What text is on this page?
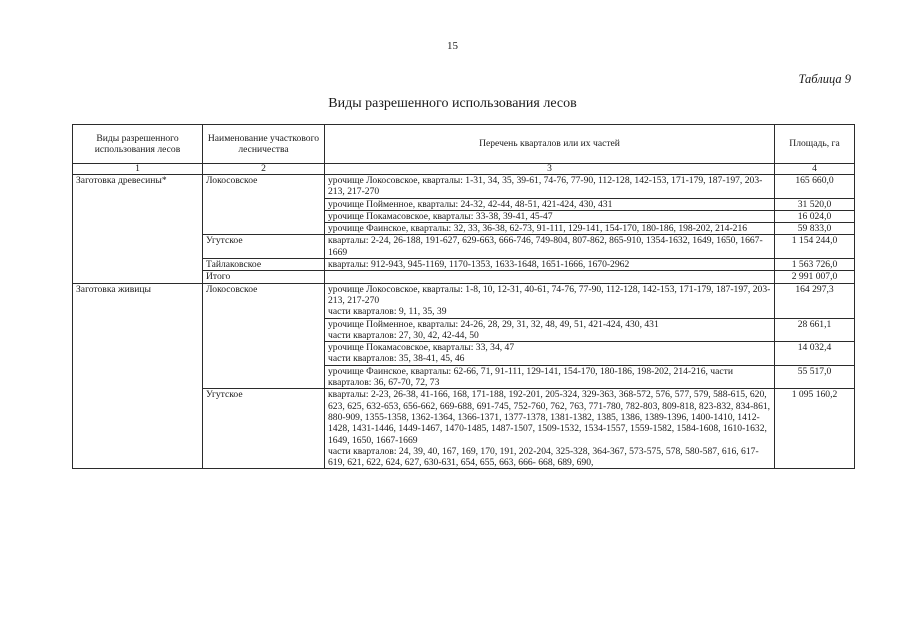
15
Таблица 9
Виды разрешенного использования лесов
Виды разрешенного использования лесов	Наименование участкового лесничества	Перечень кварталов или их частей	Площадь, га
1	2	3	4
Заготовка древесины*	Локосовское	урочище Локосовское, кварталы: 1-31, 34, 35, 39-61, 74-76, 77-90, 112-128, 142-153, 171-179, 187-197, 203-213, 217-270	165 660,0
		урочище Пойменное, кварталы: 24-32, 42-44, 48-51, 421-424, 430, 431	31 520,0
		урочище Покамасовское, кварталы: 33-38, 39-41, 45-47	16 024,0
		урочище Фаинское, кварталы: 32, 33, 36-38, 62-73, 91-111, 129-141, 154-170, 180-186, 198-202, 214-216	59 833,0
	Угутское	кварталы: 2-24, 26-188, 191-627, 629-663, 666-746, 749-804, 807-862, 865-910, 1354-1632, 1649, 1650, 1667-1669	1 154 244,0
	Тайлаковское	кварталы: 912-943, 945-1169, 1170-1353, 1633-1648, 1651-1666, 1670-2962	1 563 726,0
	Итого		2 991 007,0
Заготовка живицы	Локосовское	урочище Локосовское, кварталы: 1-8, 10, 12-31, 40-61, 74-76, 77-90, 112-128, 142-153, 171-179, 187-197, 203-213, 217-270
части кварталов: 9, 11, 35, 39	164 297,3

		урочище Пойменное, кварталы: 24-26, 28, 29, 31, 32, 48, 49, 51, 421-424, 430, 431
части кварталов: 27, 30, 42, 42-44, 50	28 661,1

		урочище Покамасовское, кварталы: 33, 34, 47
части кварталов: 35, 38-41, 45, 46	14 032,4

		урочище Фаинское, кварталы: 62-66, 71, 91-111, 129-141, 154-170, 180-186, 198-202, 214-216, части кварталов: 36, 67-70, 72, 73	55 517,0
	Угутское	кварталы: 2-23, 26-38, 41-166, 168, 171-188, 192-201, 205-324, 329-363, 368-572, 576, 577, 579, 588-615, 620, 623, 625, 632-653, 656-662, 669-688, 691-745, 752-760, 762, 763, 771-780, 782-803, 809-818, 823-832, 834-861, 880-909, 1355-1358, 1362-1364, 1366-1371, 1377-1378, 1381-1382, 1385, 1386, 1389-1396, 1400-1410, 1412-1428, 1431-1446, 1449-1467, 1470-1485, 1487-1507, 1509-1532, 1534-1557, 1559-1582, 1584-1608, 1610-1632, 1649, 1650, 1667-1669
части кварталов: 24, 39, 40, 167, 169, 170, 191, 202-204, 325-328, 364-367, 573-575, 578, 580-587, 616, 617-619, 621, 622, 624, 627, 630-631, 654, 655, 663, 666- 668, 689, 690,	1 095 160,2
